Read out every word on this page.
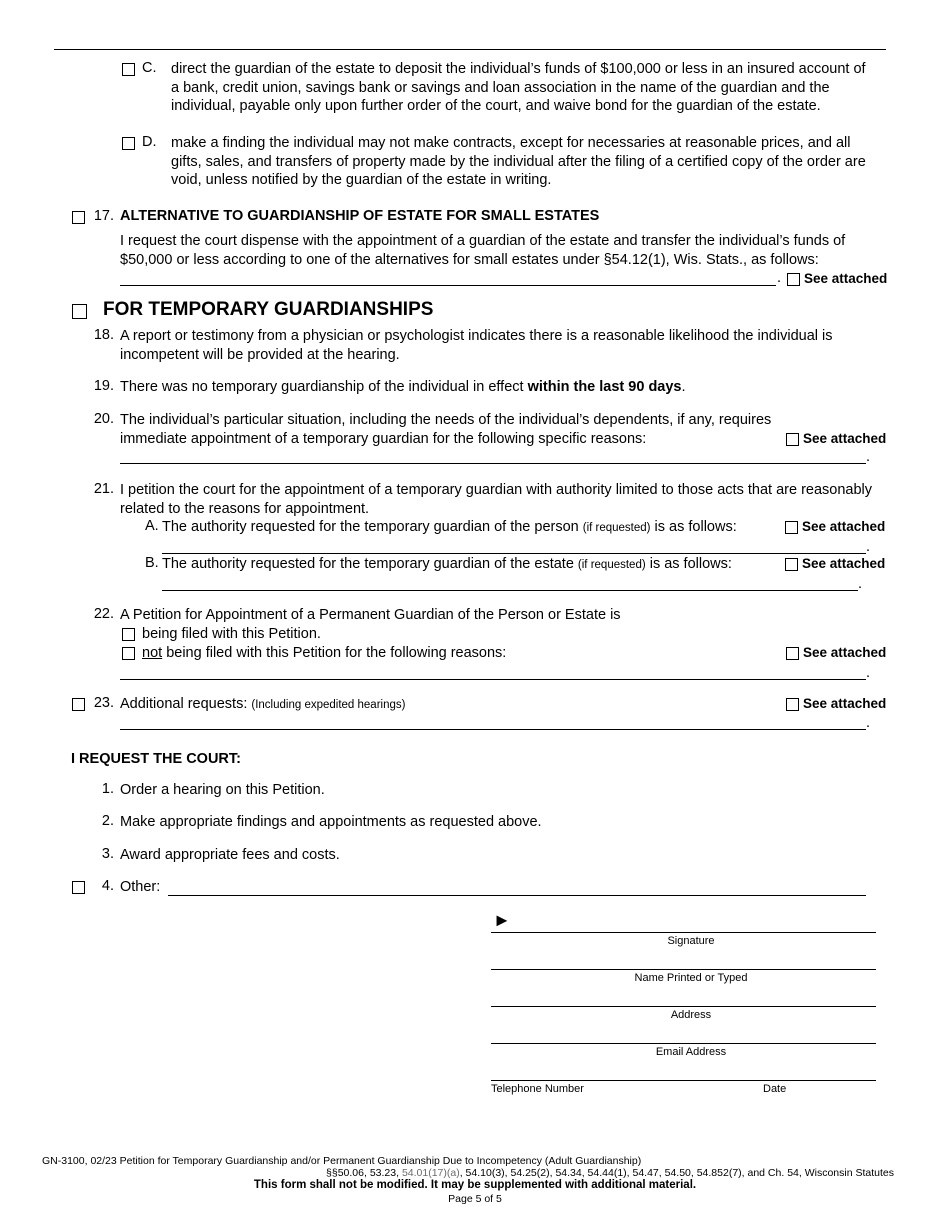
C. direct the guardian of the estate to deposit the individual’s funds of $100,000 or less in an insured account of a bank, credit union, savings bank or savings and loan association in the name of the guardian and the individual, payable only upon further order of the court, and waive bond for the guardian of the estate.
D. make a finding the individual may not make contracts, except for necessaries at reasonable prices, and all gifts, sales, and transfers of property made by the individual after the filing of a certified copy of the order are void, unless notified by the guardian of the estate in writing.
17. ALTERNATIVE TO GUARDIANSHIP OF ESTATE FOR SMALL ESTATES
I request the court dispense with the appointment of a guardian of the estate and transfer the individual’s funds of $50,000 or less according to one of the alternatives for small estates under §54.12(1), Wis. Stats., as follows:
. See attached
FOR TEMPORARY GUARDIANSHIPS
18. A report or testimony from a physician or psychologist indicates there is a reasonable likelihood the individual is incompetent will be provided at the hearing.
19. There was no temporary guardianship of the individual in effect within the last 90 days.
20. The individual’s particular situation, including the needs of the individual’s dependents, if any, requires
immediate appointment of a temporary guardian for the following specific reasons:	See attached
.
21. I petition the court for the appointment of a temporary guardian with authority limited to those acts that are reasonably related to the reasons for appointment.
A. The authority requested for the temporary guardian of the person (if requested) is as follows:	See attached
.
B. The authority requested for the temporary guardian of the estate (if requested) is as follows:	See attached
.
22. A Petition for Appointment of a Permanent Guardian of the Person or Estate is
being filed with this Petition.
not being filed with this Petition for the following reasons:	See attached
.
23. Additional requests: (Including expedited hearings)	See attached
.
I REQUEST THE COURT:
1. Order a hearing on this Petition.
2. Make appropriate findings and appointments as requested above.
3. Award appropriate fees and costs.
4. Other:
►
Signature
Name Printed or Typed
Address
Email Address
Telephone Number	Date
GN-3100, 02/23 Petition for Temporary Guardianship and/or Permanent Guardianship Due to Incompetency (Adult Guardianship)
§§50.06, 53.23, 54.01(17)(a), 54.10(3), 54.25(2), 54.34, 54.44(1), 54.47, 54.50, 54.852(7), and Ch. 54, Wisconsin Statutes
This form shall not be modified. It may be supplemented with additional material.
Page 5 of 5
